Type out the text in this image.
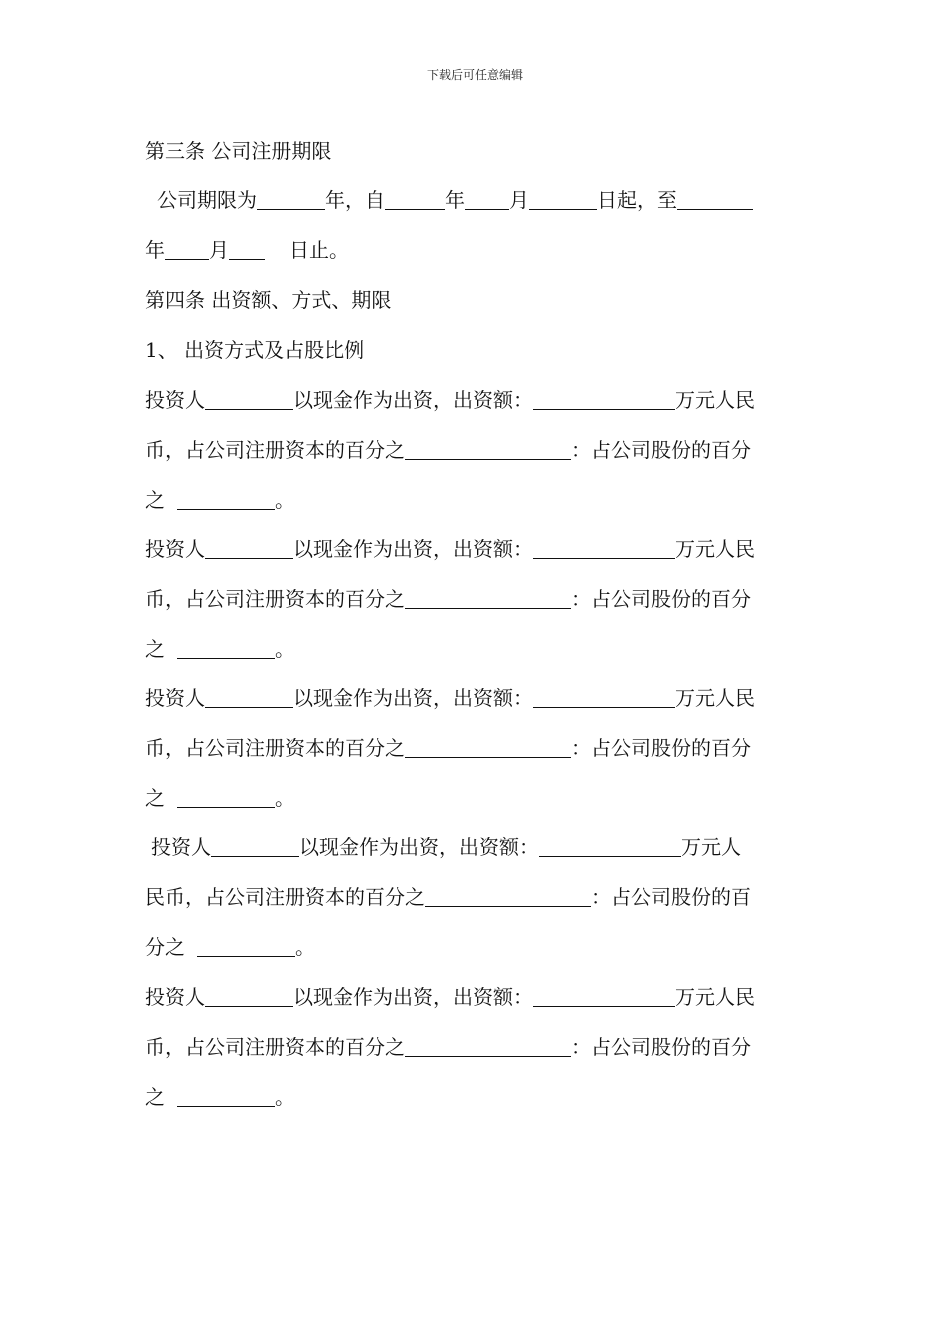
下载后可任意编辑
第三条 公司注册期限
公司期限为	年，自	年 月	日起，至
年 月	日止。
第四条 出资额、方式、期限
1、 出资方式及占股比例
投资人	以现金作为出资，出资额：	万元人民
币，占公司注册资本的百分之	：占公司股份的百分
之	。
投资人	以现金作为出资，出资额：	万元人民
币，占公司注册资本的百分之	：占公司股份的百分
之	。
投资人	以现金作为出资，出资额：	万元人民
币，占公司注册资本的百分之	：占公司股份的百分
之	。
投资人	以现金作为出资，出资额：	万元人
民币，占公司注册资本的百分之	：占公司股份的百
分之	。
投资人	以现金作为出资，出资额：	万元人民
币，占公司注册资本的百分之	：占公司股份的百分
之	。
